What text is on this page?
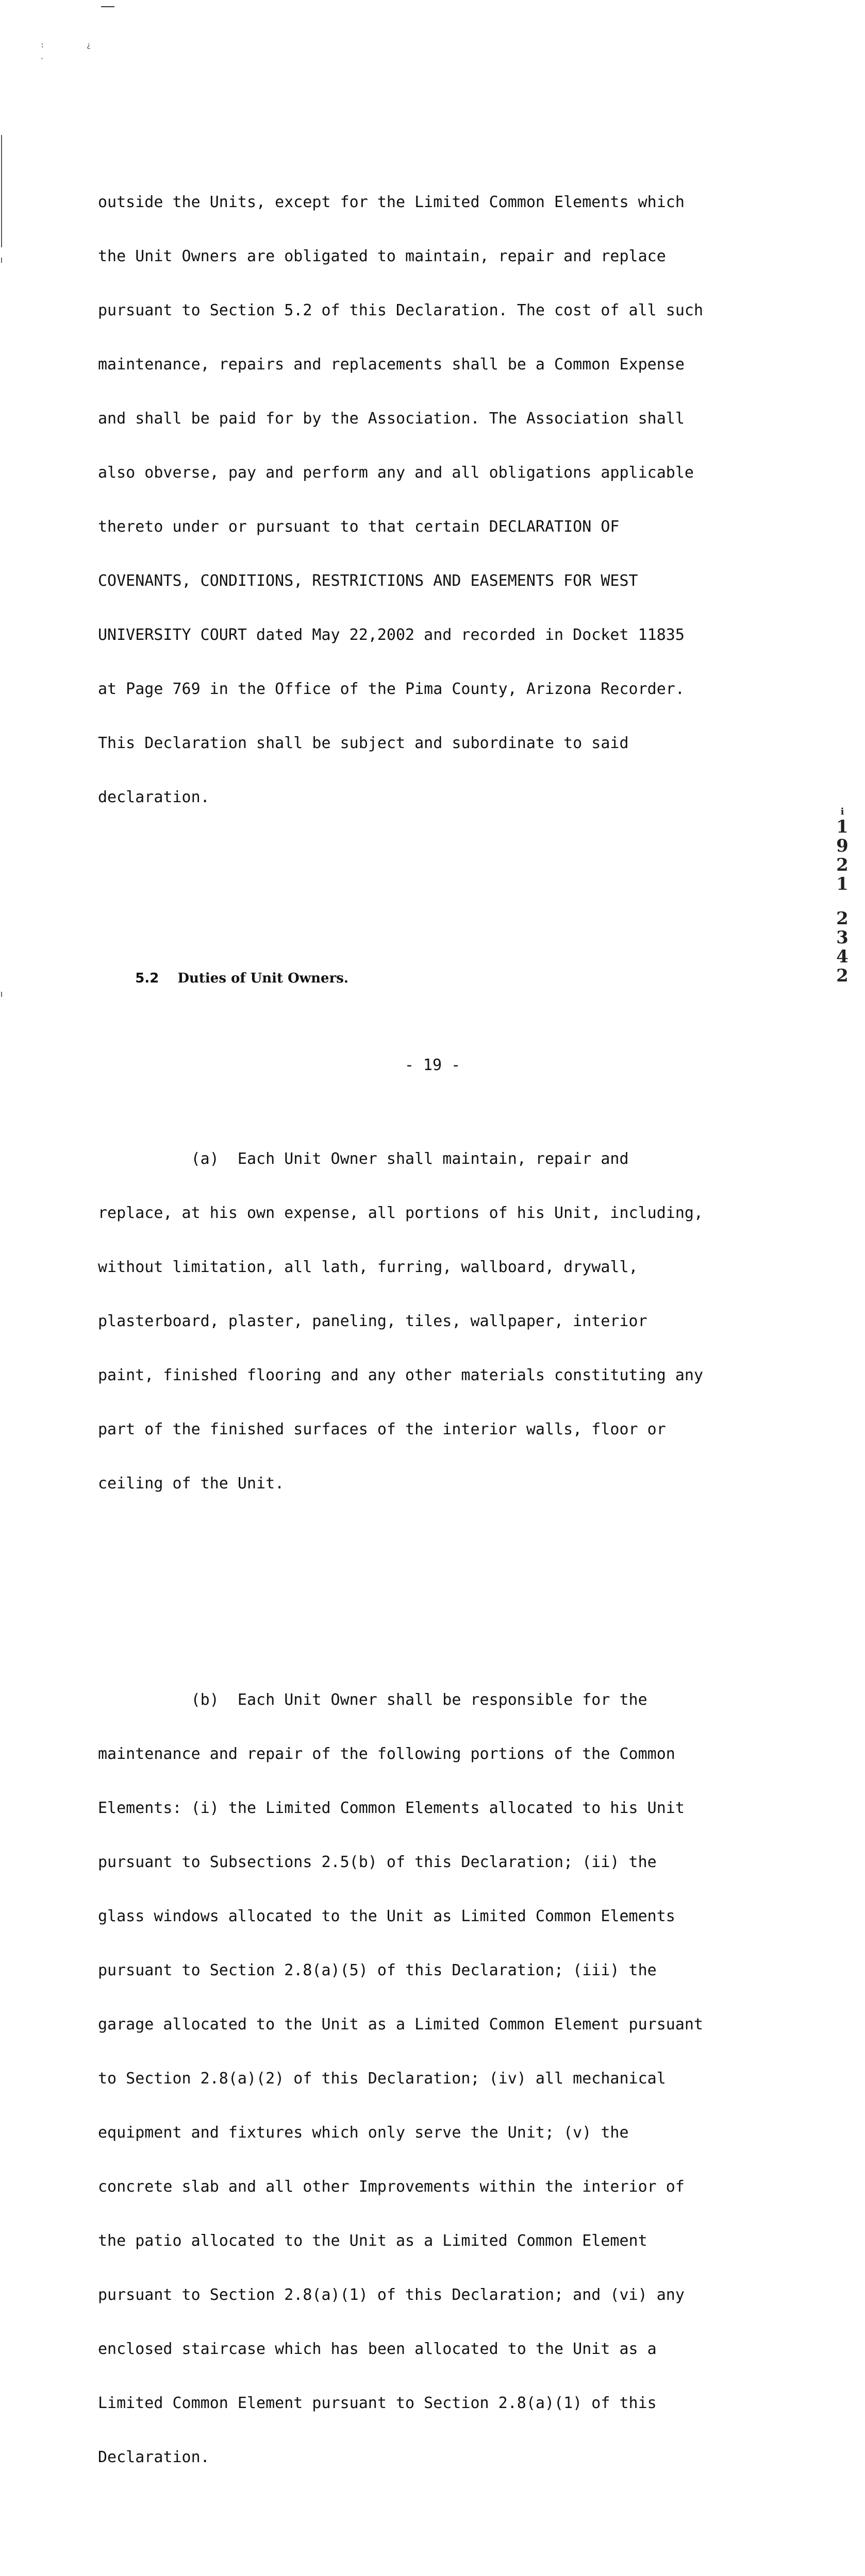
:	¿
`

outside the Units, except for the Limited Common Elements which

the Unit Owners are obligated to maintain, repair and replace

pursuant to Section 5.2 of this Declaration. The cost of all such

maintenance, repairs and replacements shall be a Common Expense

and shall be paid for by the Association. The Association shall

also obverse, pay and perform any and all obligations applicable

thereto under or pursuant to that certain DECLARATION OF

COVENANTS, CONDITIONS, RESTRICTIONS AND EASEMENTS FOR WEST

UNIVERSITY COURT dated May 22,2002 and recorded in Docket 11835

at Page 769 in the Office of the Pima County, Arizona Recorder.

This Declaration shall be subject and subordinate to said

declaration.

5.2 Duties of Unit Owners.

(a)  Each Unit Owner shall maintain, repair and

replace, at his own expense, all portions of his Unit, including,

without limitation, all lath, furring, wallboard, drywall,

plasterboard, plaster, paneling, tiles, wallpaper, interior

paint, finished flooring and any other materials constituting any

part of the finished surfaces of the interior walls, floor or

ceiling of the Unit.

(b)  Each Unit Owner shall be responsible for the

maintenance and repair of the following portions of the Common

Elements: (i) the Limited Common Elements allocated to his Unit

pursuant to Subsections 2.5(b) of this Declaration; (ii) the

glass windows allocated to the Unit as Limited Common Elements

pursuant to Section 2.8(a)(5) of this Declaration; (iii) the

garage allocated to the Unit as a Limited Common Element pursuant

to Section 2.8(a)(2) of this Declaration; (iv) all mechanical

equipment and fixtures which only serve the Unit; (v) the

concrete slab and all other Improvements within the interior of

the patio allocated to the Unit as a Limited Common Element

pursuant to Section 2.8(a)(1) of this Declaration; and (vi) any

enclosed staircase which has been allocated to the Unit as a

Limited Common Element pursuant to Section 2.8(a)(1) of this

Declaration.

- 19 -
i
1
9
2
1
2
3
4
2
